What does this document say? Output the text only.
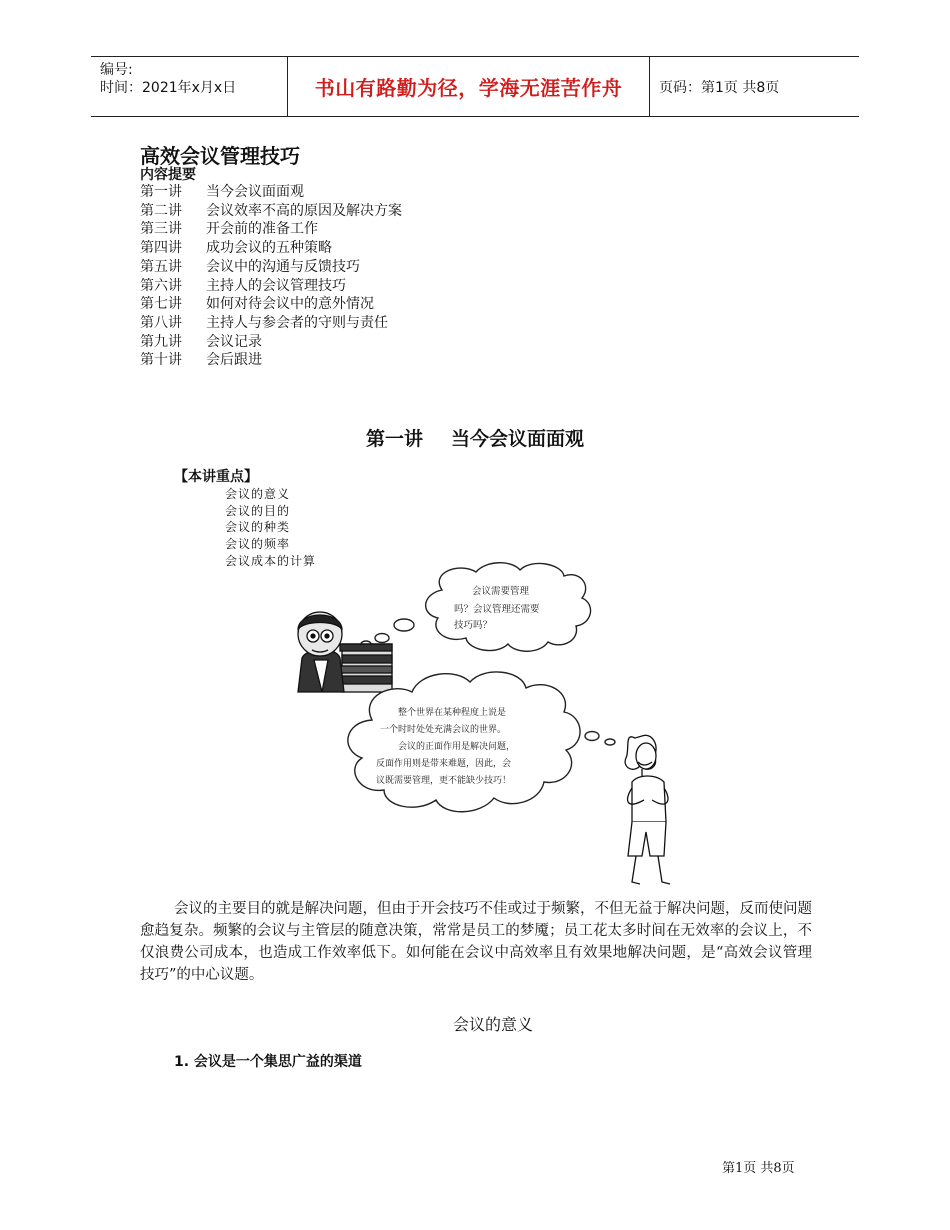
编号:
时间：2021年x月x日	书山有路勤为径，学海无涯苦作舟	页码：第1页 共8页
高效会议管理技巧
内容提要
第一讲 当今会议面面观
第二讲 会议效率不高的原因及解决方案
第三讲 开会前的准备工作
第四讲 成功会议的五种策略
第五讲 会议中的沟通与反馈技巧
第六讲 主持人的会议管理技巧
第七讲 如何对待会议中的意外情况
第八讲 主持人与参会者的守则与责任
第九讲 会议记录
第十讲 会后跟进
第一讲 当今会议面面观
【本讲重点】
会议的意义
会议的目的
会议的种类
会议的频率
会议成本的计算
会议需要管理
吗？会议管理还需要
技巧吗？
整个世界在某种程度上说是
一个时时处处充满会议的世界。
会议的正面作用是解决问题，
反面作用则是带来难题，因此，会
议既需要管理，更不能缺少技巧！
会议的主要目的就是解决问题，但由于开会技巧不佳或过于频繁，不但无益于解决问题，反而使问题愈趋复杂。频繁的会议与主管层的随意决策，常常是员工的梦魇；员工花太多时间在无效率的会议上，不仅浪费公司成本，也造成工作效率低下。如何能在会议中高效率且有效果地解决问题，是“高效会议管理技巧”的中心议题。
会议的意义
1. 会议是一个集思广益的渠道
第1页 共8页
